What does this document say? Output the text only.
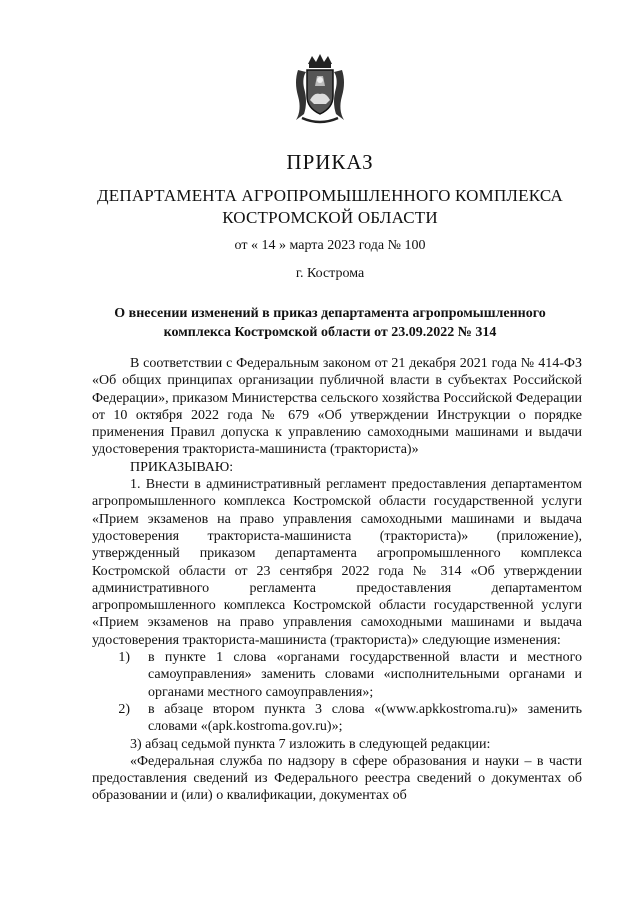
ПРИКАЗ
ДЕПАРТАМЕНТА АГРОПРОМЫШЛЕННОГО КОМПЛЕКСА
КОСТРОМСКОЙ ОБЛАСТИ
от « 14 » марта 2023 года № 100
г. Кострома
О внесении изменений в приказ департамента агропромышленного
комплекса Костромской области от 23.09.2022 № 314

В соответствии с Федеральным законом от 21 декабря 2021 года № 414-ФЗ «Об общих принципах организации публичной власти в субъектах Российской Федерации», приказом Министерства сельского хозяйства Российской Федерации от 10 октября 2022 года № 679 «Об утверждении Инструкции о порядке применения Правил допуска к управлению самоходными машинами и выдачи удостоверения тракториста-машиниста (тракториста)»

ПРИКАЗЫВАЮ:

1. Внести в административный регламент предоставления департаментом агропромышленного комплекса Костромской области государственной услуги «Прием экзаменов на право управления самоходными машинами и выдача удостоверения тракториста-машиниста (тракториста)» (приложение), утвержденный приказом департамента агропромышленного комплекса Костромской области от 23 сентября 2022 года № 314 «Об утверждении административного регламента предоставления департаментом агропромышленного комплекса Костромской области государственной услуги «Прием экзаменов на право управления самоходными машинами и выдача удостоверения тракториста-машиниста (тракториста)» следующие изменения:

1)	в пункте 1 слова «органами государственной власти и местного самоуправления» заменить словами «исполнительными органами и органами местного самоуправления»;
2)	в абзаце втором пункта 3 слова «(www.apkkostroma.ru)» заменить словами «(apk.kostroma.gov.ru)»;

3) абзац седьмой пункта 7 изложить в следующей редакции:

«Федеральная служба по надзору в сфере образования и науки – в части предоставления сведений из Федерального реестра сведений о документах об образовании и (или) о квалификации, документах об
